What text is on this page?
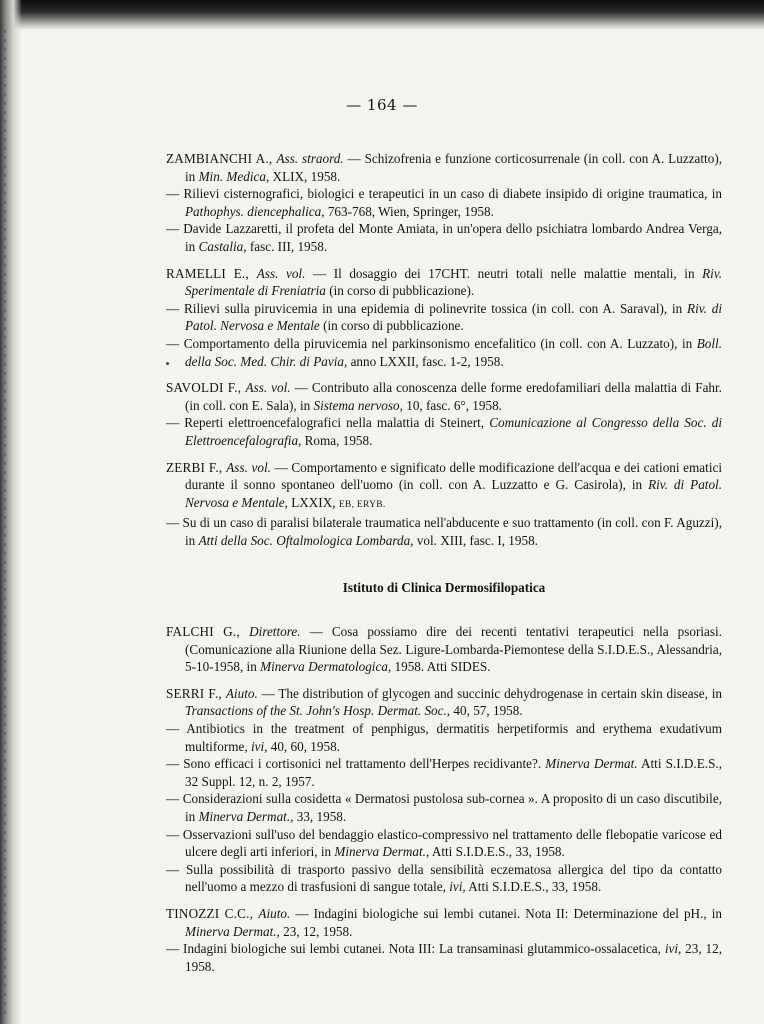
— 164 —

ZAMBIANCHI A., Ass. straord. — Schizofrenia e funzione corticosurrenale (in coll. con A. Luzzatto), in Min. Medica, XLIX, 1958.

— Rilievi cisternografici, biologici e terapeutici in un caso di diabete insipido di origine traumatica, in Pathophys. diencephalica, 763-768, Wien, Springer, 1958.

— Davide Lazzaretti, il profeta del Monte Amiata, in un'opera dello psichiatra lombardo Andrea Verga, in Castalia, fasc. III, 1958.

RAMELLI E., Ass. vol. — Il dosaggio dei 17CHT. neutri totali nelle malattie mentali, in Riv. Sperimentale di Freniatria (in corso di pubblicazione).

— Rilievi sulla piruvicemia in una epidemia di polinevrite tossica (in coll. con A. Saraval), in Riv. di Patol. Nervosa e Mentale (in corso di pubblicazione.

— Comportamento della piruvicemia nel parkinsonismo encefalitico (in coll. con A. Luzzato), in Boll. della Soc. Med. Chir. di Pavia, anno LXXII, fasc. 1-2, 1958.

SAVOLDI F., Ass. vol. — Contributo alla conoscenza delle forme eredofamiliari della malattia di Fahr. (in coll. con E. Sala), in Sistema nervoso, 10, fasc. 6°, 1958.

— Reperti elettroencefalografici nella malattia di Steinert, Comunicazione al Congresso della Soc. di Elettroencefalografia, Roma, 1958.

ZERBI F., Ass. vol. — Comportamento e significato delle modificazione dell'acqua e dei cationi ematici durante il sonno spontaneo dell'uomo (in coll. con A. Luzzatto e G. Casirola), in Riv. di Patol. Nervosa e Mentale, LXXIX, EB, ERYB.

— Su di un caso di paralisi bilaterale traumatica nell'abducente e suo trattamento (in coll. con F. Aguzzi), in Atti della Soc. Oftalmologica Lombarda, vol. XIII, fasc. I, 1958.

Istituto di Clinica Dermosifilopatica

FALCHI G., Direttore. — Cosa possiamo dire dei recenti tentativi terapeutici nella psoriasi. (Comunicazione alla Riunione della Sez. Ligure-Lombarda-Piemontese della S.I.D.E.S., Alessandria, 5-10-1958, in Minerva Dermatologica, 1958. Atti SIDES.

SERRI F., Aiuto. — The distribution of glycogen and succinic dehydrogenase in certain skin disease, in Transactions of the St. John's Hosp. Dermat. Soc., 40, 57, 1958.

— Antibiotics in the treatment of penphigus, dermatitis herpetiformis and erythema exudativum multiforme, ivi, 40, 60, 1958.

— Sono efficaci i cortisonici nel trattamento dell'Herpes recidivante?. Minerva Dermat. Atti S.I.D.E.S., 32 Suppl. 12, n. 2, 1957.

— Considerazioni sulla cosidetta « Dermatosi pustolosa sub-cornea ». A proposito di un caso discutibile, in Minerva Dermat., 33, 1958.

— Osservazioni sull'uso del bendaggio elastico-compressivo nel trattamento delle flebopatie varicose ed ulcere degli arti inferiori, in Minerva Dermat., Atti S.I.D.E.S., 33, 1958.

— Sulla possibilità di trasporto passivo della sensibilità eczematosa allergica del tipo da contatto nell'uomo a mezzo di trasfusioni di sangue totale, ivi, Atti S.I.D.E.S., 33, 1958.

TINOZZI C.C., Aiuto. — Indagini biologiche sui lembi cutanei. Nota II: Determinazione del pH., in Minerva Dermat., 23, 12, 1958.

— Indagini biologiche sui lembi cutanei. Nota III: La transaminasi glutammico-ossalacetica, ivi, 23, 12, 1958.
